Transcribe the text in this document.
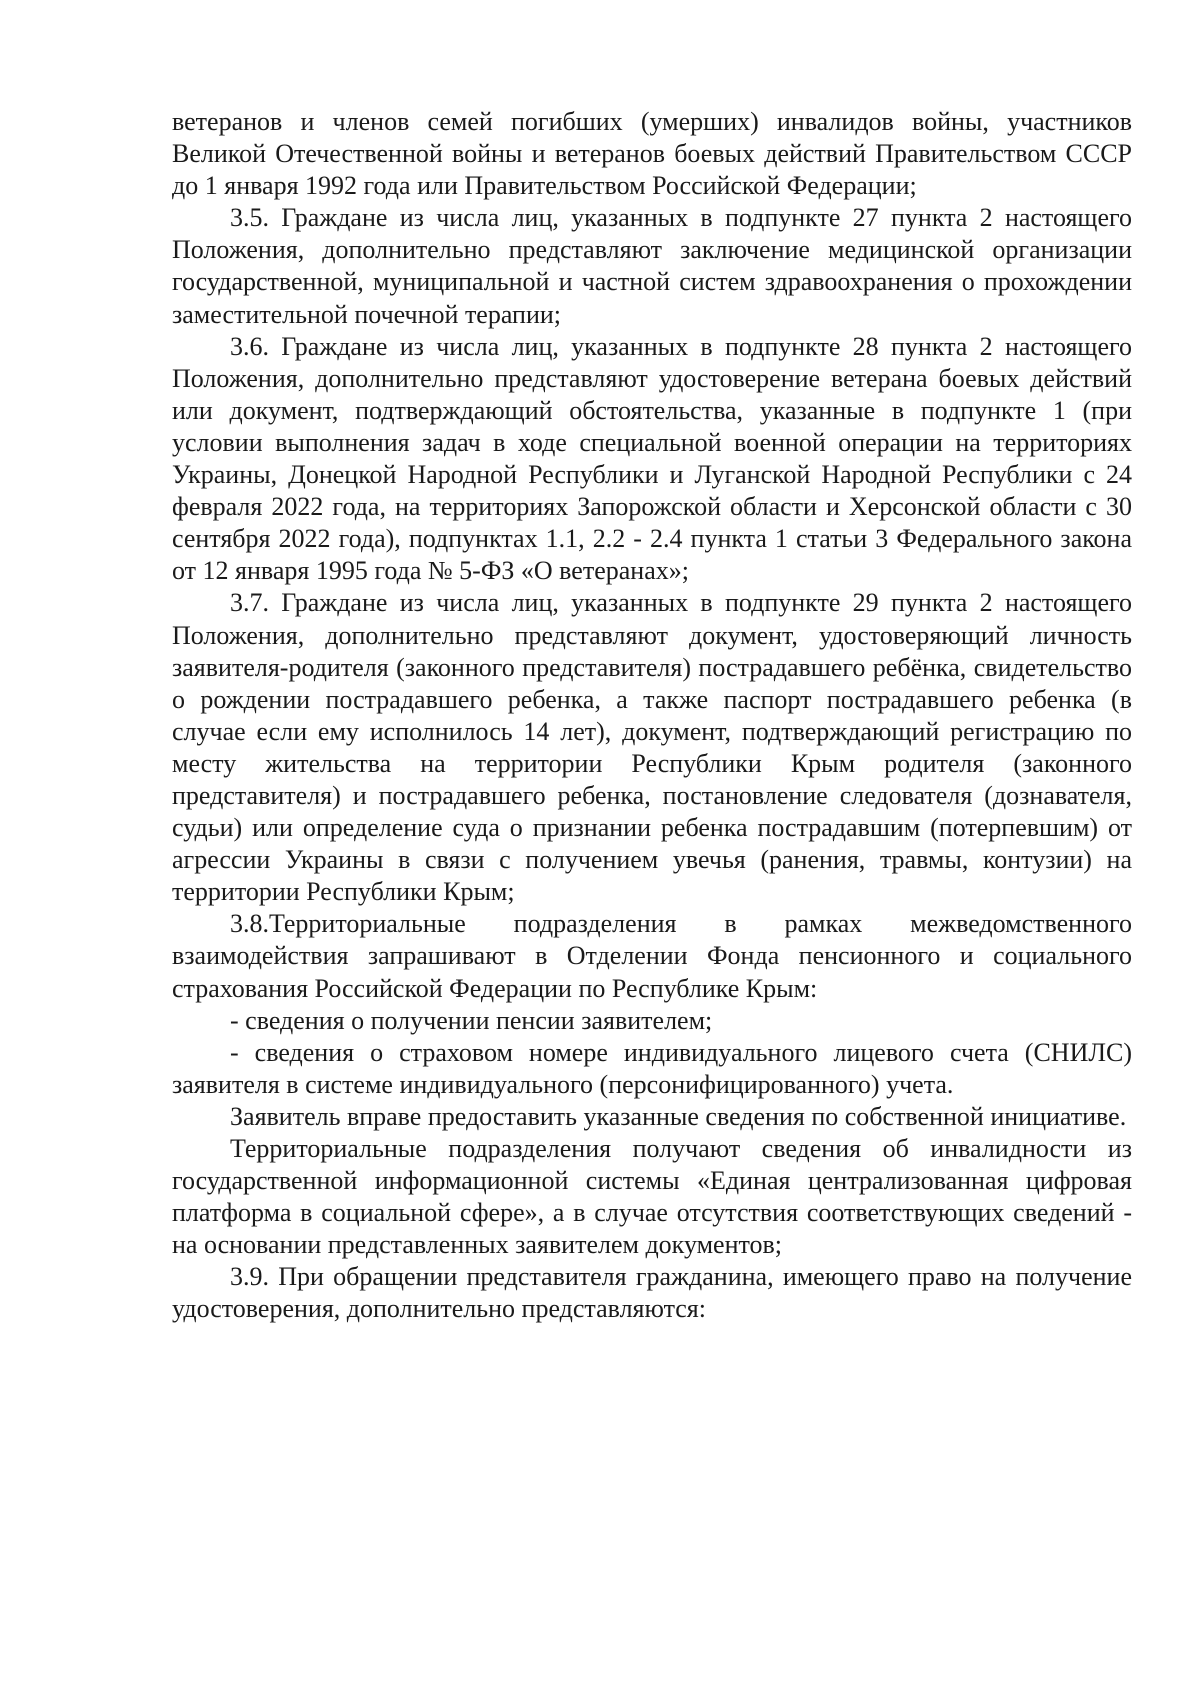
ветеранов и членов семей погибших (умерших) инвалидов войны, участников Великой Отечественной войны и ветеранов боевых действий Правительством СССР до 1 января 1992 года или Правительством Российской Федерации;

3.5. Граждане из числа лиц, указанных в подпункте 27 пункта 2 настоящего Положения, дополнительно представляют заключение медицинской организации государственной, муниципальной и частной систем здравоохранения о прохождении заместительной почечной терапии;

3.6. Граждане из числа лиц, указанных в подпункте 28 пункта 2 настоящего Положения, дополнительно представляют удостоверение ветерана боевых действий или документ, подтверждающий обстоятельства, указанные в подпункте 1 (при условии выполнения задач в ходе специальной военной операции на территориях Украины, Донецкой Народной Республики и Луганской Народной Республики с 24 февраля 2022 года, на территориях Запорожской области и Херсонской области с 30 сентября 2022 года), подпунктах 1.1, 2.2 - 2.4 пункта 1 статьи 3 Федерального закона от 12 января 1995 года № 5-ФЗ «О ветеранах»;

3.7. Граждане из числа лиц, указанных в подпункте 29 пункта 2 настоящего Положения, дополнительно представляют документ, удостоверяющий личность заявителя-родителя (законного представителя) пострадавшего ребёнка, свидетельство о рождении пострадавшего ребенка, а также паспорт пострадавшего ребенка (в случае если ему исполнилось 14 лет), документ, подтверждающий регистрацию по месту жительства на территории Республики Крым родителя (законного представителя) и пострадавшего ребенка, постановление следователя (дознавателя, судьи) или определение суда о признании ребенка пострадавшим (потерпевшим) от агрессии Украины в связи с получением увечья (ранения, травмы, контузии) на территории Республики Крым;

3.8.Территориальные подразделения в рамках межведомственного взаимодействия запрашивают в Отделении Фонда пенсионного и социального страхования Российской Федерации по Республике Крым:

- сведения о получении пенсии заявителем;

- сведения о страховом номере индивидуального лицевого счета (СНИЛС) заявителя в системе индивидуального (персонифицированного) учета.

Заявитель вправе предоставить указанные сведения по собственной инициативе.

Территориальные подразделения получают сведения об инвалидности из государственной информационной системы «Единая централизованная цифровая платформа в социальной сфере», а в случае отсутствия соответствующих сведений - на основании представленных заявителем документов;

3.9. При обращении представителя гражданина, имеющего право на получение удостоверения, дополнительно представляются:
